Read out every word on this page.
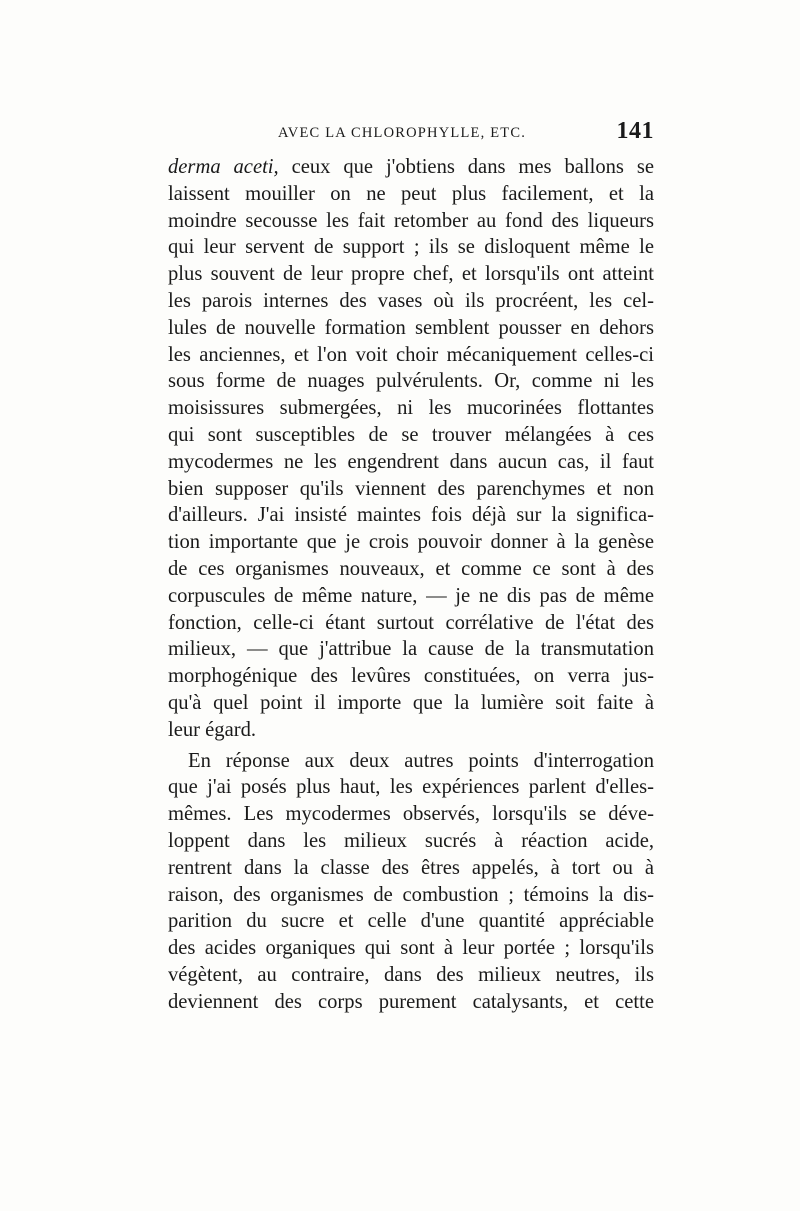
AVEC LA CHLOROPHYLLE, ETC.	141
derma aceti, ceux que j'obtiens dans mes ballons se
laissent mouiller on ne peut plus facilement, et la
moindre secousse les fait retomber au fond des liqueurs
qui leur servent de support ; ils se disloquent même le
plus souvent de leur propre chef, et lorsqu'ils ont atteint
les parois internes des vases où ils procréent, les cel-
lules de nouvelle formation semblent pousser en dehors
les anciennes, et l'on voit choir mécaniquement celles-ci
sous forme de nuages pulvérulents. Or, comme ni les
moisissures submergées, ni les mucorinées flottantes
qui sont susceptibles de se trouver mélangées à ces
mycodermes ne les engendrent dans aucun cas, il faut
bien supposer qu'ils viennent des parenchymes et non
d'ailleurs. J'ai insisté maintes fois déjà sur la significa-
tion importante que je crois pouvoir donner à la genèse
de ces organismes nouveaux, et comme ce sont à des
corpuscules de même nature, — je ne dis pas de même
fonction, celle-ci étant surtout corrélative de l'état des
milieux, — que j'attribue la cause de la transmutation
morphogénique des levûres constituées, on verra jus-
qu'à quel point il importe que la lumière soit faite à
leur égard.
En réponse aux deux autres points d'interrogation
que j'ai posés plus haut, les expériences parlent d'elles-
mêmes. Les mycodermes observés, lorsqu'ils se déve-
loppent dans les milieux sucrés à réaction acide,
rentrent dans la classe des êtres appelés, à tort ou à
raison, des organismes de combustion ; témoins la dis-
parition du sucre et celle d'une quantité appréciable
des acides organiques qui sont à leur portée ; lorsqu'ils
végètent, au contraire, dans des milieux neutres, ils
deviennent des corps purement catalysants, et cette
